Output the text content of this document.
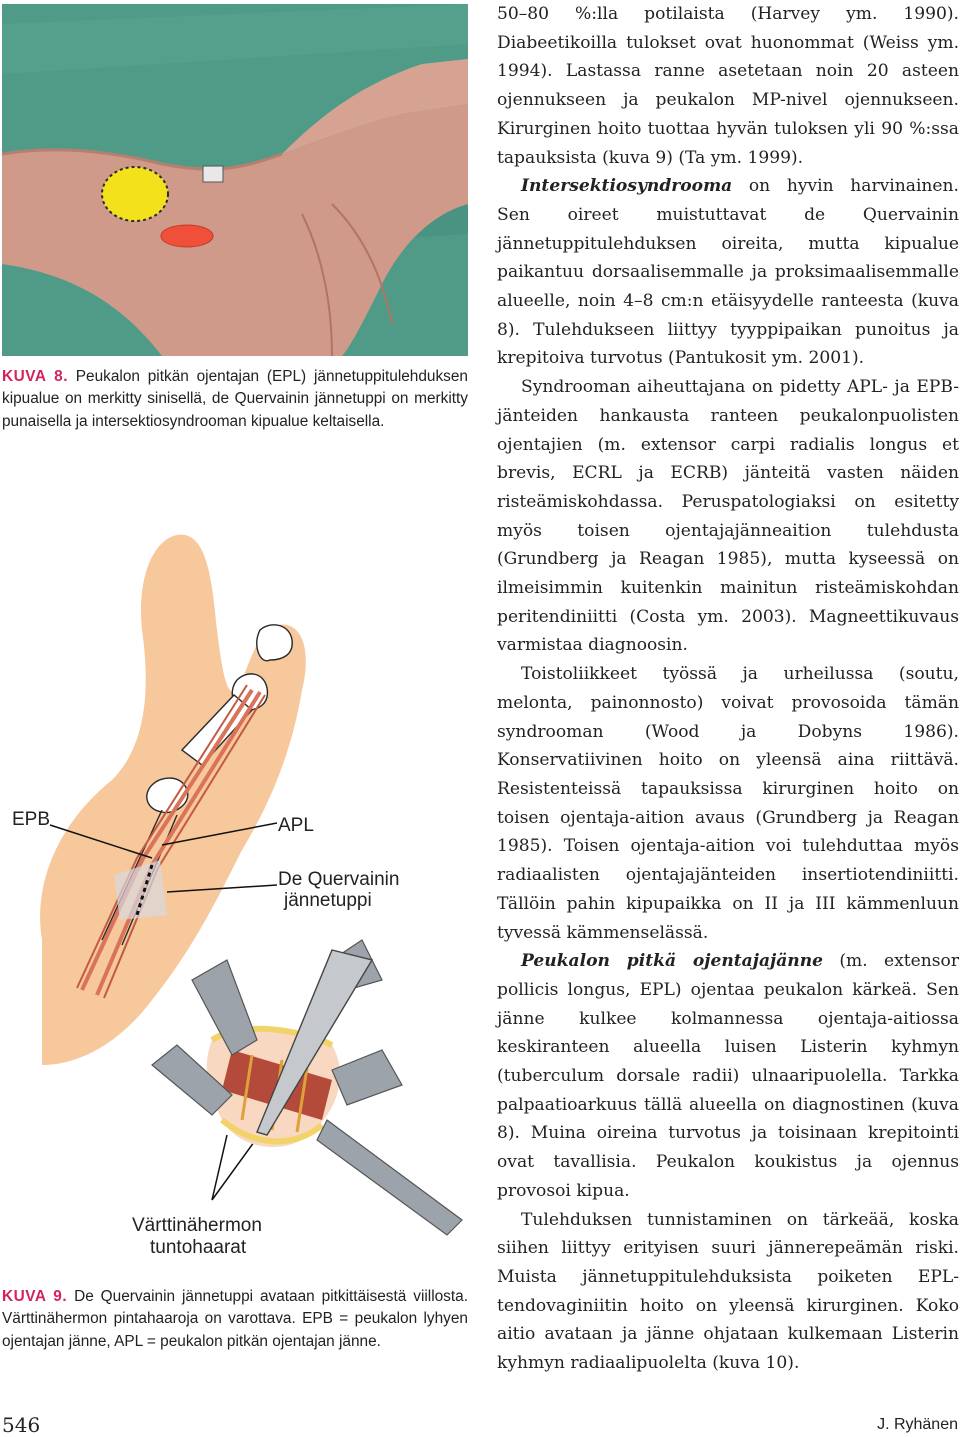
KUVA 8. Peukalon pitkän ojentajan (EPL) jännetuppitulehduksen kipualue on merkitty sinisellä, de Quervainin jännetuppi on merkitty punaisella ja intersektiosyndrooman kipualue keltaisella.
EPB	APL
De Quervainin
jännetuppi
Värttinähermon
tuntohaarat
KUVA 9. De Quervainin jännetuppi avataan pitkittäisestä viillosta. Värttinähermon pintahaaroja on varottava. EPB = peukalon lyhyen ojentajan jänne, APL = peukalon pitkän ojentajan jänne.

50–80 %:lla potilaista (Harvey ym. 1990). Diabeetikoilla tulokset ovat huonommat (Weiss ym. 1994). Lastassa ranne asetetaan noin 20 asteen ojennukseen ja peukalon MP-nivel ojennukseen. Kirurginen hoito tuottaa hyvän tuloksen yli 90 %:ssa tapauksista (kuva 9) (Ta ym. 1999).

Intersektiosyndrooma on hyvin harvinainen. Sen oireet muistuttavat de Quervainin jännetuppitulehduksen oireita, mutta kipualue paikantuu dorsaalisemmalle ja proksimaalisemmalle alueelle, noin 4–8 cm:n etäisyydelle ranteesta (kuva 8). Tulehdukseen liittyy tyyppipaikan punoitus ja krepitoiva turvotus (Pantukosit ym. 2001).

Syndrooman aiheuttajana on pidetty APL- ja EPB-jänteiden hankausta ranteen peukalonpuolisten ojentajien (m. extensor carpi radialis longus et brevis, ECRL ja ECRB) jänteitä vasten näiden risteämiskohdassa. Peruspatologiaksi on esitetty myös toisen ojentajajänneaition tulehdusta (Grundberg ja Reagan 1985), mutta kyseessä on ilmeisimmin kuitenkin mainitun risteämiskohdan peritendiniitti (Costa ym. 2003). Magneettikuvaus varmistaa diagnoosin.

Toistoliikkeet työssä ja urheilussa (soutu, melonta, painonnosto) voivat provosoida tämän syndrooman (Wood ja Dobyns 1986). Konservatiivinen hoito on yleensä aina riittävä. Resistenteissä tapauksissa kirurginen hoito on toisen ojentaja-aition avaus (Grundberg ja Reagan 1985). Toisen ojentaja-aition voi tulehduttaa myös radiaalisten ojentajajänteiden insertiotendiniitti. Tällöin pahin kipupaikka on II ja III kämmenluun tyvessä kämmenselässä.

Peukalon pitkä ojentajajänne (m. extensor pollicis longus, EPL) ojentaa peukalon kärkeä. Sen jänne kulkee kolmannessa ojentaja-aitiossa keskiranteen alueella luisen Listerin kyhmyn (tuberculum dorsale radii) ulnaaripuolella. Tarkka palpaatioarkuus tällä alueella on diagnostinen (kuva 8). Muina oireina turvotus ja toisinaan krepitointi ovat tavallisia. Peukalon koukistus ja ojennus provosoi kipua.

Tulehduksen tunnistaminen on tärkeää, koska siihen liittyy erityisen suuri jännerepeämän riski. Muista jännetuppitulehduksista poiketen EPL-tendovaginiitin hoito on yleensä kirurginen. Koko aitio avataan ja jänne ohjataan kulkemaan Listerin kyhmyn radiaalipuolelta (kuva 10).

546	J. Ryhänen
